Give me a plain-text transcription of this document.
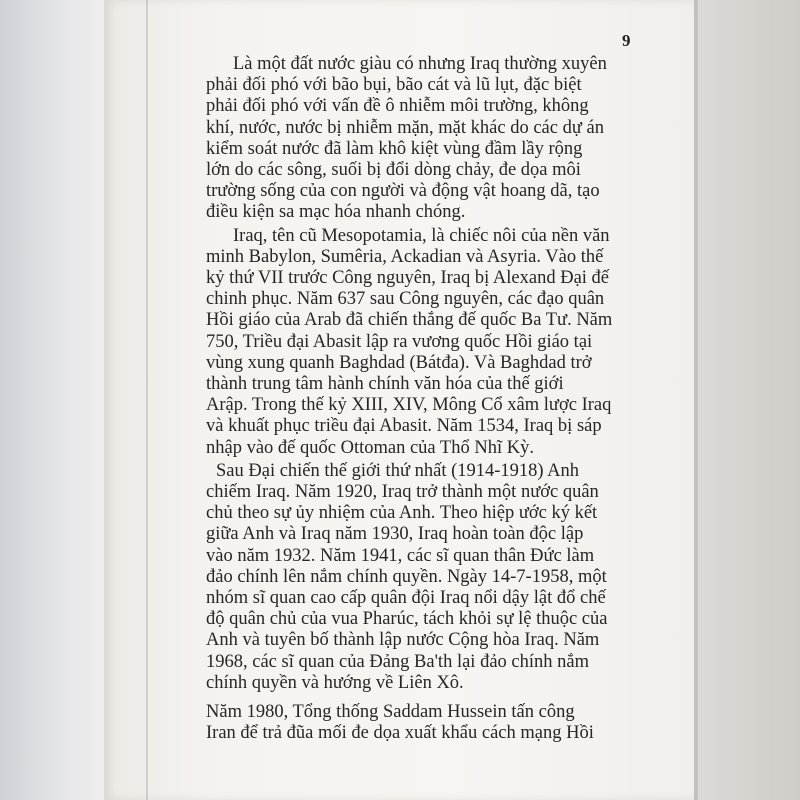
9
Là một đất nước giàu có nhưng Iraq thường xuyên
phải đối phó với bão bụi, bão cát và lũ lụt, đặc biệt
phải đối phó với vấn đề ô nhiễm môi trường, không
khí, nước, nước bị nhiễm mặn, mặt khác do các dự án
kiểm soát nước đã làm khô kiệt vùng đầm lầy rộng
lớn do các sông, suối bị đổi dòng chảy, đe dọa môi
trường sống của con người và động vật hoang dã, tạo
điều kiện sa mạc hóa nhanh chóng.
Iraq, tên cũ Mesopotamia, là chiếc nôi của nền văn
minh Babylon, Sumêria, Ackadian và Asyria. Vào thế
kỷ thứ VII trước Công nguyên, Iraq bị Alexand Đại đế
chinh phục. Năm 637 sau Công nguyên, các đạo quân
Hồi giáo của Arab đã chiến thắng đế quốc Ba Tư. Năm
750, Triều đại Abasit lập ra vương quốc Hồi giáo tại
vùng xung quanh Baghdad (Bátđa). Và Baghdad trở
thành trung tâm hành chính văn hóa của thế giới
Arập. Trong thế kỷ XIII, XIV, Mông Cổ xâm lược Iraq
và khuất phục triều đại Abasit. Năm 1534, Iraq bị sáp
nhập vào đế quốc Ottoman của Thổ Nhĩ Kỳ.
Sau Đại chiến thế giới thứ nhất (1914-1918) Anh
chiếm Iraq. Năm 1920, Iraq trở thành một nước quân
chủ theo sự ủy nhiệm của Anh. Theo hiệp ước ký kết
giữa Anh và Iraq năm 1930, Iraq hoàn toàn độc lập
vào năm 1932. Năm 1941, các sĩ quan thân Đức làm
đảo chính lên nắm chính quyền. Ngày 14-7-1958, một
nhóm sĩ quan cao cấp quân đội Iraq nổi dậy lật đổ chế
độ quân chủ của vua Pharúc, tách khỏi sự lệ thuộc của
Anh và tuyên bố thành lập nước Cộng hòa Iraq. Năm
1968, các sĩ quan của Đảng Ba'th lại đảo chính nắm
chính quyền và hướng về Liên Xô.
Năm 1980, Tổng thống Saddam Hussein tấn công
Iran để trả đũa mối đe dọa xuất khẩu cách mạng Hồi
